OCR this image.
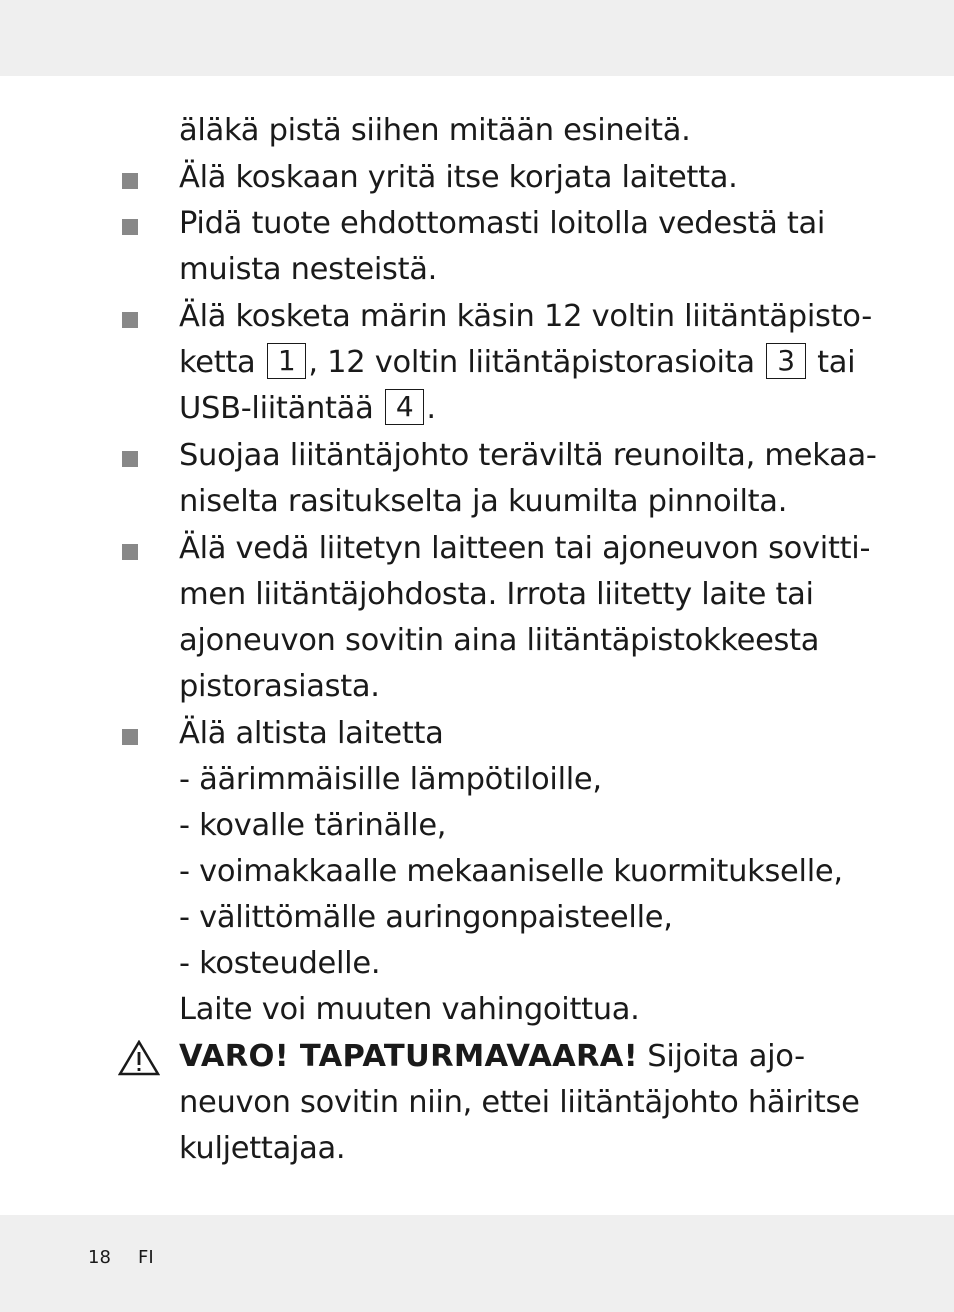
äläkä pistä siihen mitään esineitä.
Älä koskaan yritä itse korjata laitetta.
Pidä tuote ehdottomasti loitolla vedestä tai
muista nesteistä.
Älä kosketa märin käsin 12 voltin liitäntäpisto-
ketta 1 , 12 voltin liitäntäpistorasioita 3 tai
USB-liitäntää 4 .
Suojaa liitäntäjohto teräviltä reunoilta, mekaa-
niselta rasitukselta ja kuumilta pinnoilta.
Älä vedä liitetyn laitteen tai ajoneuvon sovitti-
men liitäntäjohdosta. Irrota liitetty laite tai
ajoneuvon sovitin aina liitäntäpistokkeesta
pistorasiasta.
Älä altista laitetta
- äärimmäisille lämpötiloille,
- kovalle tärinälle,
- voimakkaalle mekaaniselle kuormitukselle,
- välittömälle auringonpaisteelle,
- kosteudelle.
Laite voi muuten vahingoittua.
VARO! TAPATURMAVAARA! Sijoita ajo-
neuvon sovitin niin, ettei liitäntäjohto häiritse
kuljettajaa.
18 FI
